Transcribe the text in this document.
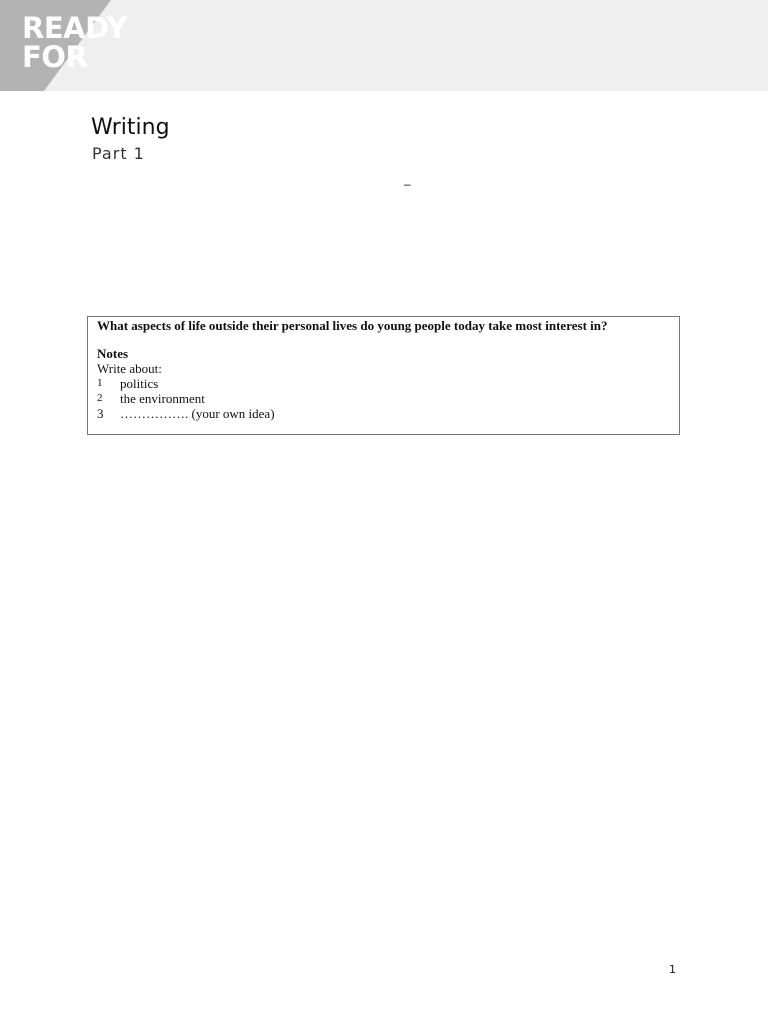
READY
FOR
Writing
Part 1
–

What aspects of life outside their personal lives do young people today take most interest in?

Notes

Write about:

1	politics
2	the environment
3	……………. (your own idea)
1
